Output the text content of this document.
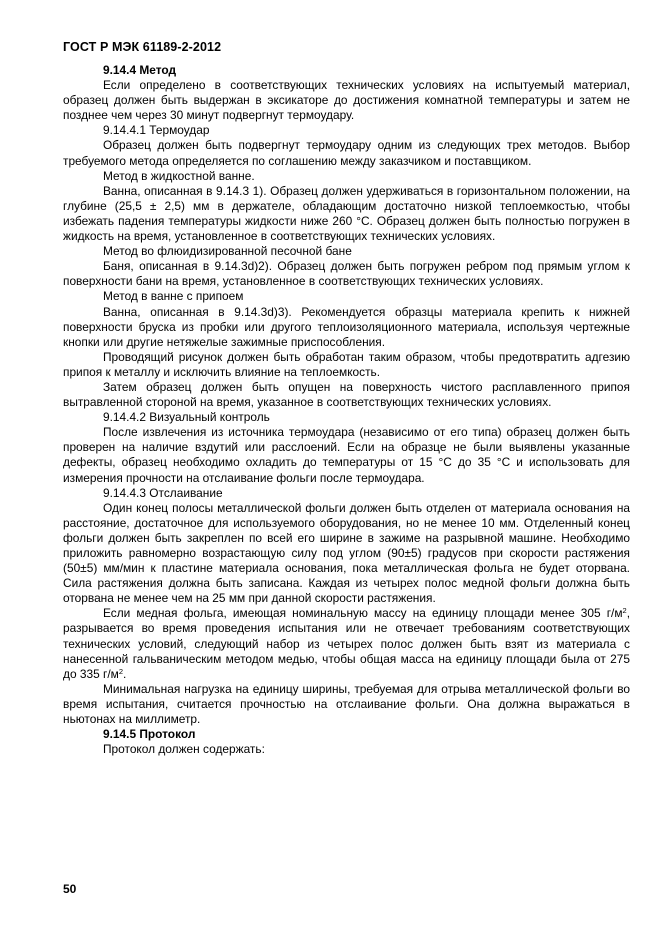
ГОСТ Р МЭК 61189-2-2012

9.14.4 Метод

Если определено в соответствующих технических условиях на испытуемый материал, образец должен быть выдержан в эксикаторе до достижения комнатной температуры и затем не позднее чем через 30 минут подвергнут термоудару.

9.14.4.1 Термоудар

Образец должен быть подвергнут термоудару одним из следующих трех методов. Выбор требуемого метода определяется по соглашению между заказчиком и поставщиком.

Метод в жидкостной ванне.

Ванна, описанная в 9.14.3 1). Образец должен удерживаться в горизонтальном положении, на глубине (25,5 ± 2,5) мм в держателе, обладающим достаточно низкой теплоемкостью, чтобы избежать падения температуры жидкости ниже 260 °С. Образец должен быть полностью погружен в жидкость на время, установленное в соответствующих технических условиях.

Метод во флюидизированной песочной бане

Баня, описанная в 9.14.3d)2). Образец должен быть погружен ребром под прямым углом к поверхности бани на время, установленное в соответствующих технических условиях.

Метод в ванне с припоем

Ванна, описанная в 9.14.3d)3). Рекомендуется образцы материала крепить к нижней поверхности бруска из пробки или другого теплоизоляционного материала, используя чертежные кнопки или другие нетяжелые зажимные приспособления.

Проводящий рисунок должен быть обработан таким образом, чтобы предотвратить адгезию припоя к металлу и исключить влияние на теплоемкость.

Затем образец должен быть опущен на поверхность чистого расплавленного припоя вытравленной стороной на время, указанное в соответствующих технических условиях.

9.14.4.2 Визуальный контроль

После извлечения из источника термоудара (независимо от его типа) образец должен быть проверен на наличие вздутий или расслоений. Если на образце не были выявлены указанные дефекты, образец необходимо охладить до температуры от 15 °С до 35 °С и использовать для измерения прочности на отслаивание фольги после термоудара.

9.14.4.3 Отслаивание

Один конец полосы металлической фольги должен быть отделен от материала основания на расстояние, достаточное для используемого оборудования, но не менее 10 мм. Отделенный конец фольги должен быть закреплен по всей его ширине в зажиме на разрывной машине. Необходимо приложить равномерно возрастающую силу под углом (90±5) градусов при скорости растяжения (50±5) мм/мин к пластине материала основания, пока металлическая фольга не будет оторвана. Сила растяжения должна быть записана. Каждая из четырех полос медной фольги должна быть оторвана не менее чем на 25 мм при данной скорости растяжения.

Если медная фольга, имеющая номинальную массу на единицу площади менее 305 $г/м^2$, разрывается во время проведения испытания или не отвечает требованиям соответствующих технических условий, следующий набор из четырех полос должен быть взят из материала с нанесенной гальваническим методом медью, чтобы общая масса на единицу площади была от 275 до 335 $г/м^2$.

Минимальная нагрузка на единицу ширины, требуемая для отрыва металлической фольги во время испытания, считается прочностью на отслаивание фольги. Она должна выражаться в ньютонах на миллиметр.

9.14.5 Протокол

Протокол должен содержать:

50
